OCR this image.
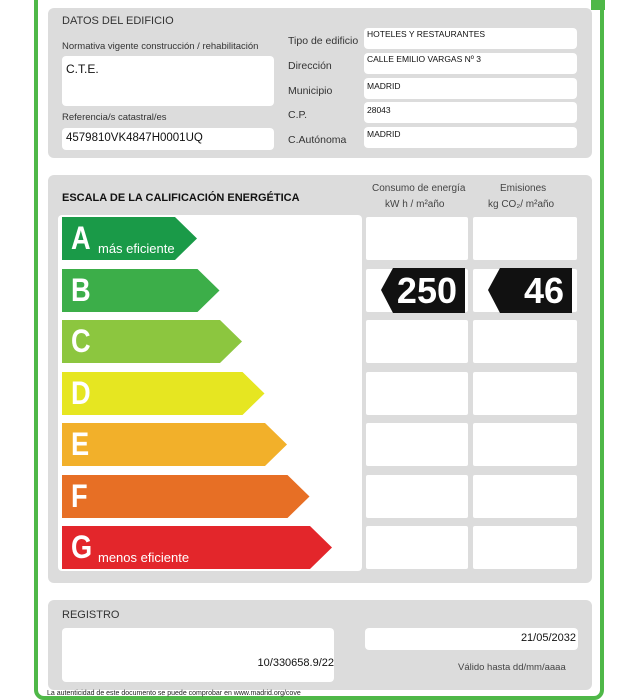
DATOS DEL EDIFICIO
Normativa vigente construcción / rehabilitación
C.T.E.
Referencia/s catastral/es
4579810VK4847H0001UQ
Tipo de edificio
Dirección
Municipio
C.P.
C.Autónoma
HOTELES Y RESTAURANTES
CALLE EMILIO VARGAS Nº 3
MADRID
28043
MADRID
ESCALA DE LA CALIFICACIÓN ENERGÉTICA
Consumo de energía
kW h / m²año
Emisiones
kg CO₂/ m²año
A más eficiente
B	250 46
C
D
E
F
G menos eficiente
REGISTRO
10/330658.9/22
21/05/2032
Válido hasta dd/mm/aaaa
La autenticidad de este documento se puede comprobar en www.madrid.org/cove
